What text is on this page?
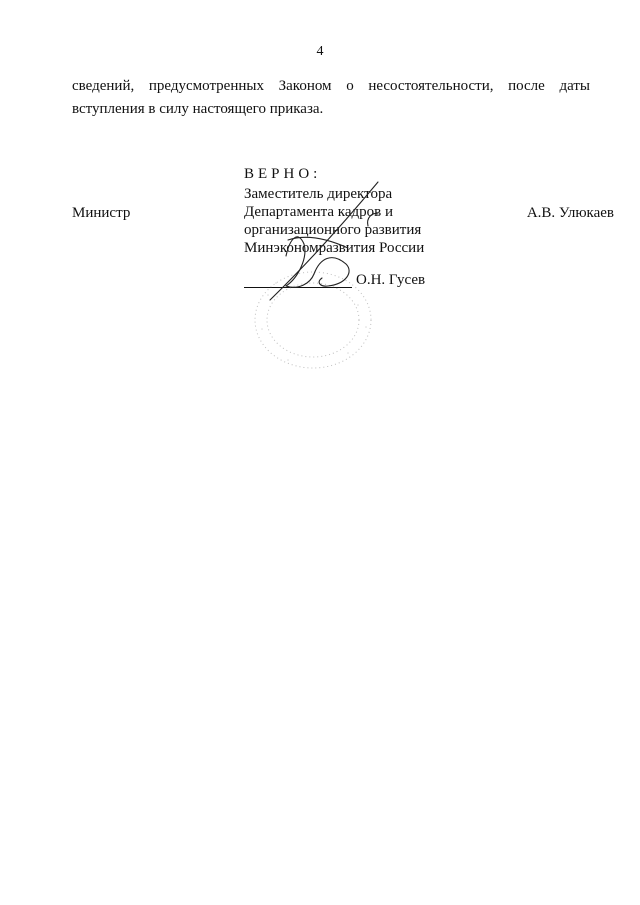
4
сведений, предусмотренных Законом о несостоятельности, после даты
вступления в силу настоящего приказа.
Министр	А.В. Улюкаев
ВЕРНО:
Заместитель директора
Департамента кадров и
организационного развития
Минэкономразвития России
О.Н. Гусев
